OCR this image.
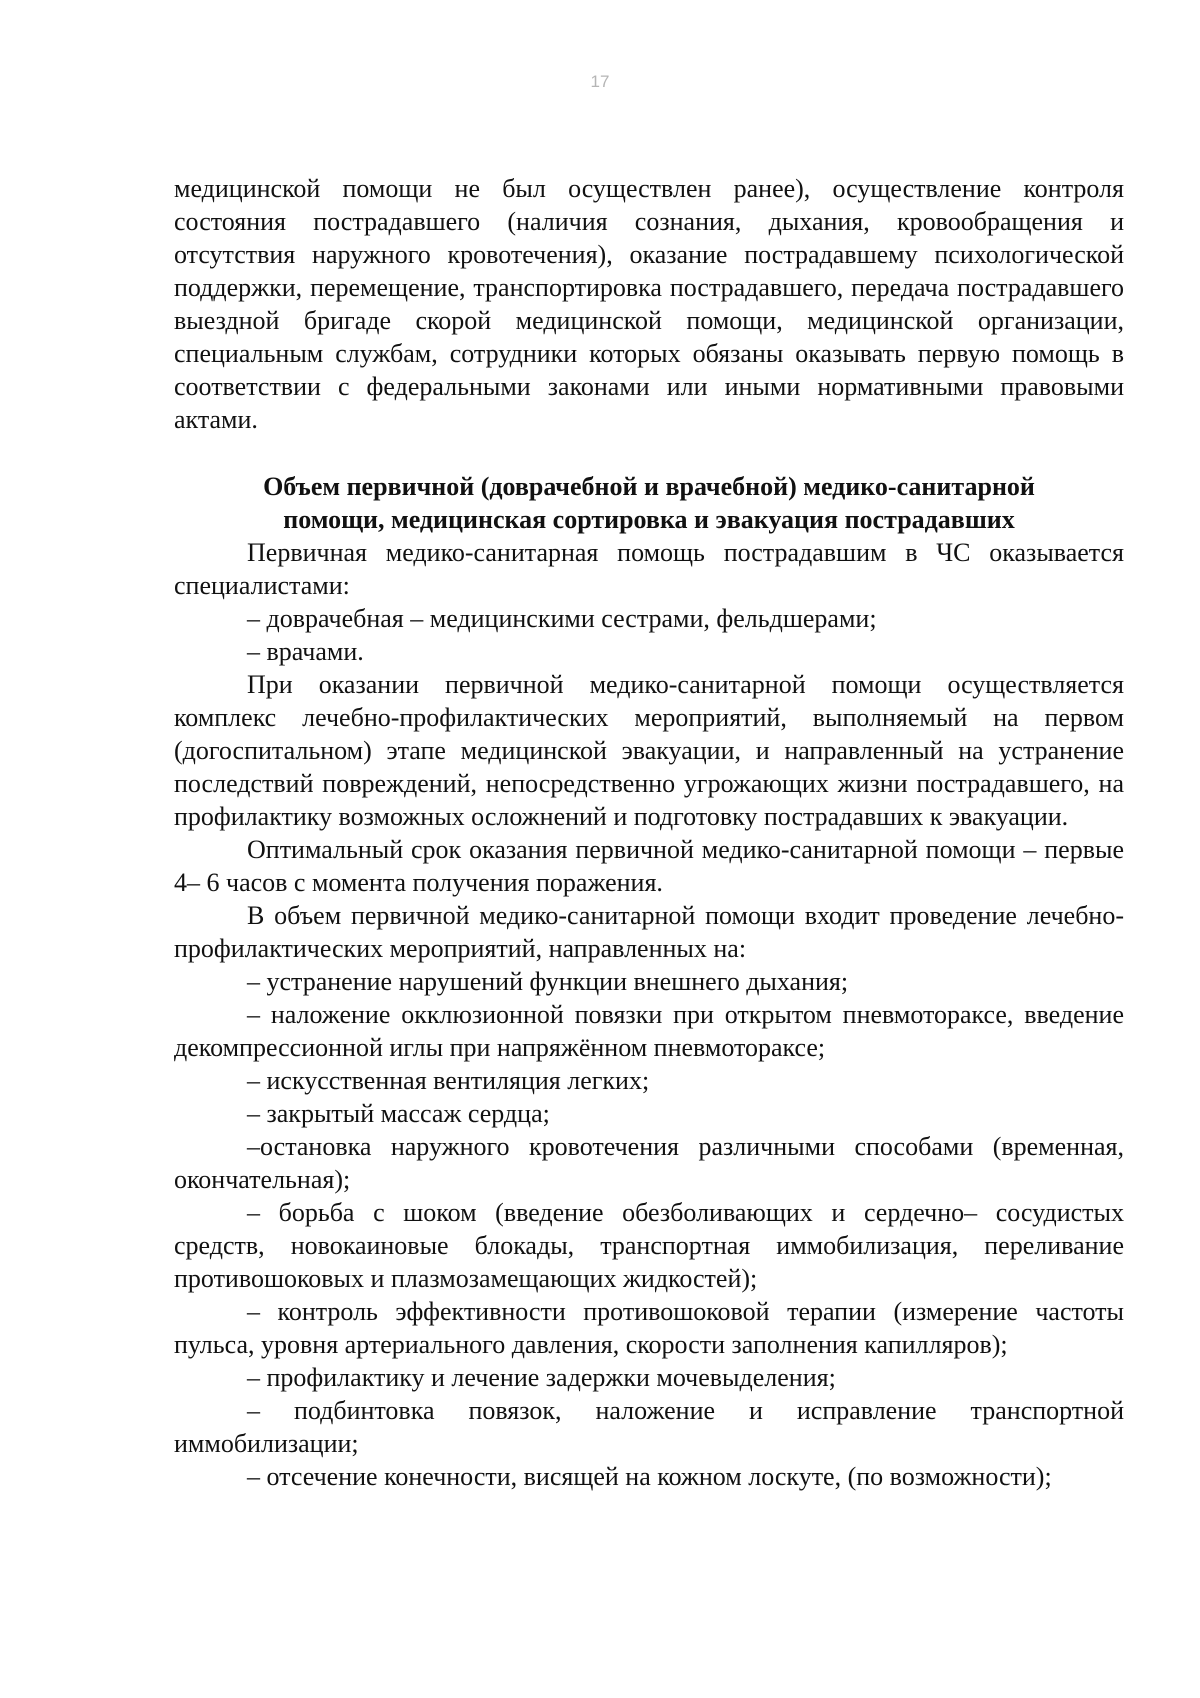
17

медицинской помощи не был осуществлен ранее), осуществление контроля состояния пострадавшего (наличия сознания, дыхания, кровообращения и отсутствия наружного кровотечения), оказание пострадавшему психологической поддержки, перемещение, транспортировка пострадавшего, передача пострадавшего выездной бригаде скорой медицинской помощи, медицинской организации, специальным службам, сотрудники которых обязаны оказывать первую помощь в соответствии с федеральными законами или иными нормативными правовыми актами.

Объем первичной (доврачебной и врачебной) медико-санитарной
помощи, медицинская сортировка и эвакуация пострадавших

Первичная медико-санитарная помощь пострадавшим в ЧС оказывается специалистами:

– доврачебная – медицинскими сестрами, фельдшерами;

– врачами.

При оказании первичной медико-санитарной помощи осуществляется комплекс лечебно-профилактических мероприятий, выполняемый на первом (догоспитальном) этапе медицинской эвакуации, и направленный на устранение последствий повреждений, непосредственно угрожающих жизни пострадавшего, на профилактику возможных осложнений и подготовку пострадавших к эвакуации.

Оптимальный срок оказания первичной медико-санитарной помощи – первые 4– 6 часов с момента получения поражения.

В объем первичной медико-санитарной помощи входит проведение лечебно-профилактических мероприятий, направленных на:

– устранение нарушений функции внешнего дыхания;

– наложение окклюзионной повязки при открытом пневмотораксе, введение декомпрессионной иглы при напряжённом пневмотораксе;

– искусственная вентиляция легких;

– закрытый массаж сердца;

–остановка наружного кровотечения различными способами (временная, окончательная);

– борьба с шоком (введение обезболивающих и сердечно– сосудистых средств, новокаиновые блокады, транспортная иммобилизация, переливание противошоковых и плазмозамещающих жидкостей);

– контроль эффективности противошоковой терапии (измерение частоты пульса, уровня артериального давления, скорости заполнения капилляров);

– профилактику и лечение задержки мочевыделения;

– подбинтовка повязок, наложение и исправление транспортной иммобилизации;

– отсечение конечности, висящей на кожном лоскуте, (по возможности);
